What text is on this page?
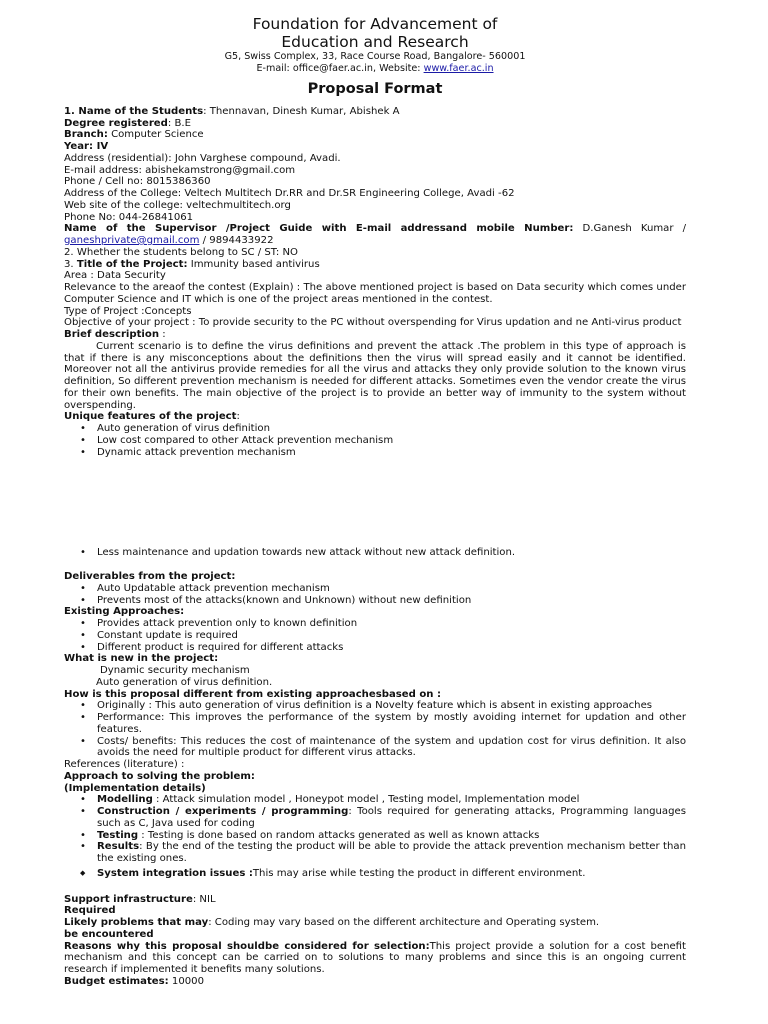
Foundation for Advancement of
Education and Research
G5, Swiss Complex, 33, Race Course Road, Bangalore- 560001
E-mail: office@faer.ac.in, Website: www.faer.ac.in
Proposal Format
1. Name of the Students: Thennavan, Dinesh Kumar, Abishek A
Degree registered: B.E
Branch: Computer Science
Year: IV
Address (residential): John Varghese compound, Avadi.
E-mail address: abishekamstrong@gmail.com
Phone / Cell no: 8015386360
Address of the College: Veltech Multitech Dr.RR and Dr.SR Engineering College, Avadi -62
Web site of the college: veltechmultitech.org
Phone No: 044-26841061
Name of the Supervisor /Project Guide with E-mail addressand mobile Number: D.Ganesh Kumar /
ganeshprivate@gmail.com / 9894433922
2. Whether the students belong to SC / ST: NO
3. Title of the Project: Immunity based antivirus
Area : Data Security
Relevance to the areaof the contest (Explain) : The above mentioned project is based on Data security which comes under Computer Science and IT which is one of the project areas mentioned in the contest.
Type of Project :Concepts
Objective of your project : To provide security to the PC without overspending for Virus updation and ne Anti-virus product
Brief description :
Current scenario is to define the virus definitions and prevent the attack .The problem in this type of approach is that if there is any misconceptions about the definitions then the virus will spread easily and it cannot be identified. Moreover not all the antivirus provide remedies for all the virus and attacks they only provide solution to the known virus definition, So different prevention mechanism is needed for different attacks. Sometimes even the vendor create the virus for their own benefits. The main objective of the project is to provide an better way of immunity to the system without overspending.
Unique features of the project:
• Auto generation of virus definition
• Low cost compared to other Attack prevention mechanism
• Dynamic attack prevention mechanism
• Less maintenance and updation towards new attack without new attack definition.
Deliverables from the project:
• Auto Updatable attack prevention mechanism
• Prevents most of the attacks(known and Unknown) without new definition
Existing Approaches:
• Provides attack prevention only to known definition
• Constant update is required
• Different product is required for different attacks
What is new in the project:
Dynamic security mechanism
Auto generation of virus definition.
How is this proposal different from existing approachesbased on :
• Originally : This auto generation of virus definition is a Novelty feature which is absent in existing approaches
• Performance: This improves the performance of the system by mostly avoiding internet for updation and other features.
• Costs/ benefits: This reduces the cost of maintenance of the system and updation cost for virus definition. It also avoids the need for multiple product for different virus attacks.
References (literature) :
Approach to solving the problem:
(Implementation details)
• Modelling : Attack simulation model , Honeypot model , Testing model, Implementation model
• Construction / experiments / programming: Tools required for generating attacks, Programming languages such as C, Java used for coding
• Testing : Testing is done based on random attacks generated as well as known attacks
• Results: By the end of the testing the product will be able to provide the attack prevention mechanism better than the existing ones.
◆ System integration issues :This may arise while testing the product in different environment.
Support infrastructure: NIL
Required
Likely problems that may: Coding may vary based on the different architecture and Operating system.
be encountered
Reasons why this proposal shouldbe considered for selection:This project provide a solution for a cost benefit mechanism and this concept can be carried on to solutions to many problems and since this is an ongoing current research if implemented it benefits many solutions.
Budget estimates: 10000
